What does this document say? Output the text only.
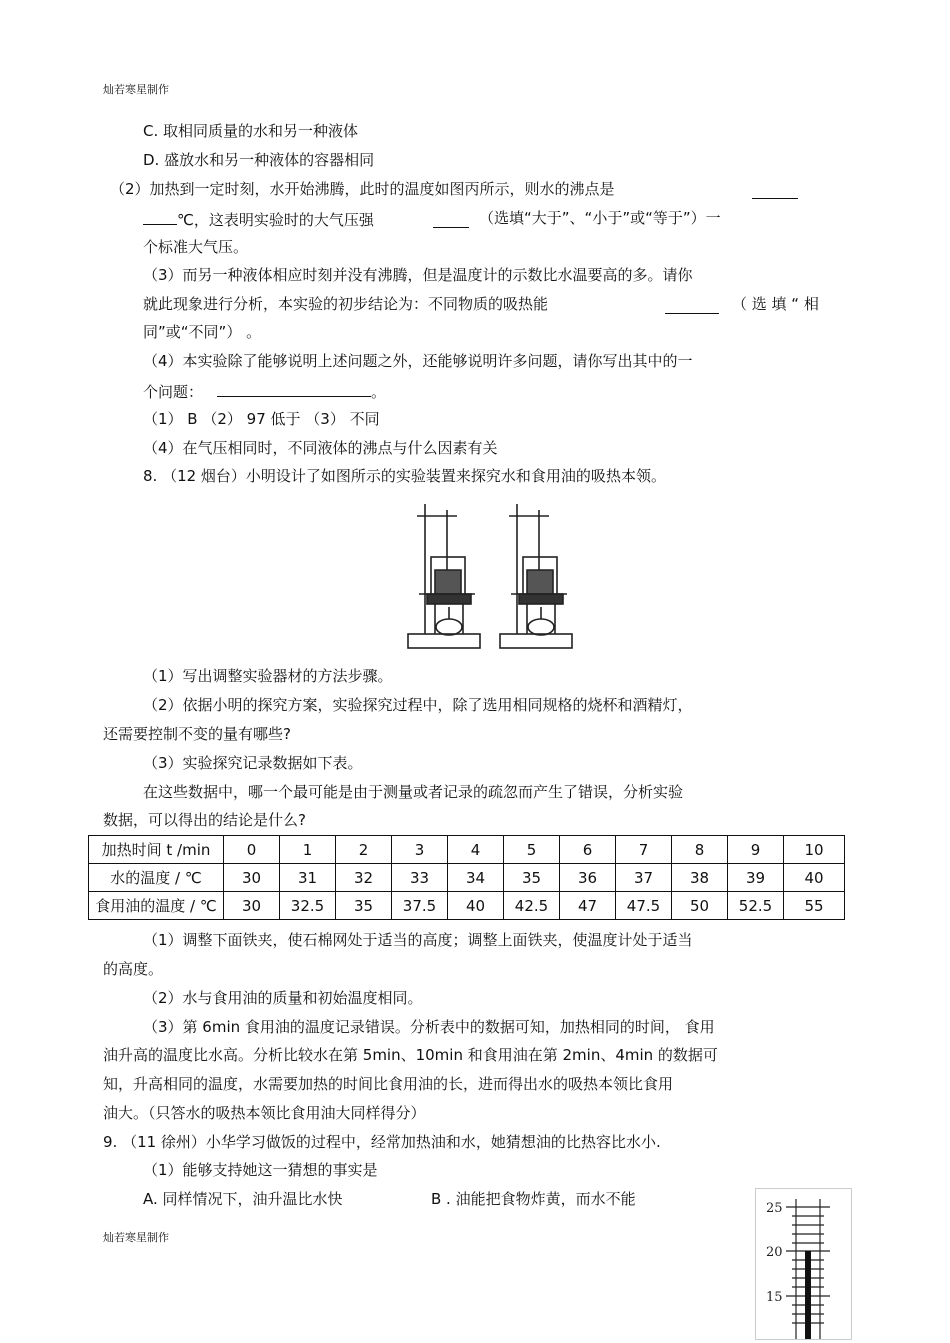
灿若寒星制作
C. 取相同质量的水和另一种液体
D. 盛放水和另一种液体的容器相同
（2）加热到一定时刻，水开始沸腾，此时的温度如图丙所示，则水的沸点是
℃，这表明实验时的大气压强	（选填“大于”、“小于”或“等于”）一
个标准大气压。
（3）而另一种液体相应时刻并没有沸腾，但是温度计的示数比水温要高的多。请你
就此现象进行分析，本实验的初步结论为：不同物质的吸热能	（ 选 填 “ 相
同”或“不同”） 。
（4）本实验除了能够说明上述问题之外，还能够说明许多问题，请你写出其中的一
个问题：	。
（1） B （2） 97 低于 （3） 不同
（4）在气压相同时，不同液体的沸点与什么因素有关
8. （12 烟台）小明设计了如图所示的实验装置来探究水和食用油的吸热本领。
（1）写出调整实验器材的方法步骤。
（2）依据小明的探究方案，实验探究过程中，除了选用相同规格的烧杯和酒精灯，
还需要控制不变的量有哪些?
（3）实验探究记录数据如下表。
在这些数据中，哪一个最可能是由于测量或者记录的疏忽而产生了错误，分析实验
数据，可以得出的结论是什么?
加热时间 t /min	0	1	2	3	4	5	6	7	8	9	10
水的温度 / ℃	30	31	32	33	34	35	36	37	38	39	40
食用油的温度 / ℃	30	32.5	35	37.5	40	42.5	47	47.5	50	52.5	55
（1）调整下面铁夹，使石棉网处于适当的高度；调整上面铁夹，使温度计处于适当
的高度。
（2）水与食用油的质量和初始温度相同。
（3）第 6min 食用油的温度记录错误。分析表中的数据可知，加热相同的时间， 食用
油升高的温度比水高。分析比较水在第 5min、10min 和食用油在第 2min、4min 的数据可
知，升高相同的温度，水需要加热的时间比食用油的长，进而得出水的吸热本领比食用
油大。（只答水的吸热本领比食用油大同样得分）
9. （11 徐州）小华学习做饭的过程中，经常加热油和水，她猜想油的比热容比水小.
（1）能够支持她这一猜想的事实是
A. 同样情况下，油升温比水快	B . 油能把食物炸黄，而水不能
灿若寒星制作
25
20
15
